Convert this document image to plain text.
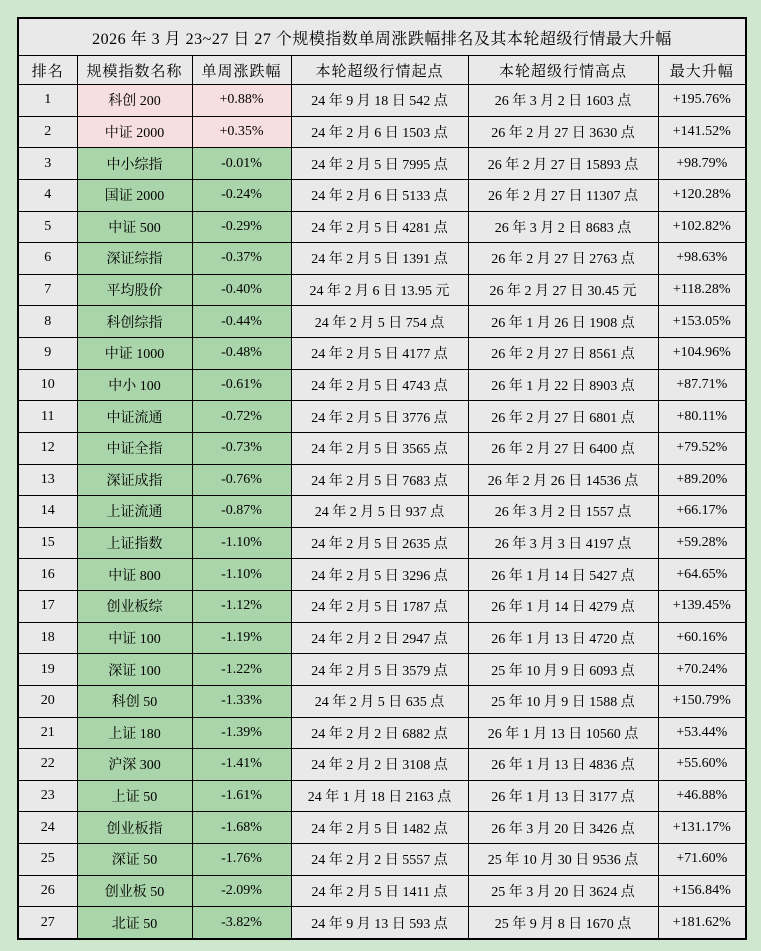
2026 年 3 月 23~27 日 27 个规模指数单周涨跌幅排名及其本轮超级行情最大升幅					
排名	规模指数名称	单周涨跌幅	本轮超级行情起点	本轮超级行情高点	最大升幅
1	科创 200	+0.88%	24 年 9 月 18 日 542 点	26 年 3 月 2 日 1603 点	+195.76%
2	中证 2000	+0.35%	24 年 2 月 6 日 1503 点	26 年 2 月 27 日 3630 点	+141.52%
3	中小综指	-0.01%	24 年 2 月 5 日 7995 点	26 年 2 月 27 日 15893 点	+98.79%
4	国证 2000	-0.24%	24 年 2 月 6 日 5133 点	26 年 2 月 27 日 11307 点	+120.28%
5	中证 500	-0.29%	24 年 2 月 5 日 4281 点	26 年 3 月 2 日 8683 点	+102.82%
6	深证综指	-0.37%	24 年 2 月 5 日 1391 点	26 年 2 月 27 日 2763 点	+98.63%
7	平均股价	-0.40%	24 年 2 月 6 日 13.95 元	26 年 2 月 27 日 30.45 元	+118.28%
8	科创综指	-0.44%	24 年 2 月 5 日 754 点	26 年 1 月 26 日 1908 点	+153.05%
9	中证 1000	-0.48%	24 年 2 月 5 日 4177 点	26 年 2 月 27 日 8561 点	+104.96%
10	中小 100	-0.61%	24 年 2 月 5 日 4743 点	26 年 1 月 22 日 8903 点	+87.71%
11	中证流通	-0.72%	24 年 2 月 5 日 3776 点	26 年 2 月 27 日 6801 点	+80.11%
12	中证全指	-0.73%	24 年 2 月 5 日 3565 点	26 年 2 月 27 日 6400 点	+79.52%
13	深证成指	-0.76%	24 年 2 月 5 日 7683 点	26 年 2 月 26 日 14536 点	+89.20%
14	上证流通	-0.87%	24 年 2 月 5 日 937 点	26 年 3 月 2 日 1557 点	+66.17%
15	上证指数	-1.10%	24 年 2 月 5 日 2635 点	26 年 3 月 3 日 4197 点	+59.28%
16	中证 800	-1.10%	24 年 2 月 5 日 3296 点	26 年 1 月 14 日 5427 点	+64.65%
17	创业板综	-1.12%	24 年 2 月 5 日 1787 点	26 年 1 月 14 日 4279 点	+139.45%
18	中证 100	-1.19%	24 年 2 月 2 日 2947 点	26 年 1 月 13 日 4720 点	+60.16%
19	深证 100	-1.22%	24 年 2 月 5 日 3579 点	25 年 10 月 9 日 6093 点	+70.24%
20	科创 50	-1.33%	24 年 2 月 5 日 635 点	25 年 10 月 9 日 1588 点	+150.79%
21	上证 180	-1.39%	24 年 2 月 2 日 6882 点	26 年 1 月 13 日 10560 点	+53.44%
22	沪深 300	-1.41%	24 年 2 月 2 日 3108 点	26 年 1 月 13 日 4836 点	+55.60%
23	上证 50	-1.61%	24 年 1 月 18 日 2163 点	26 年 1 月 13 日 3177 点	+46.88%
24	创业板指	-1.68%	24 年 2 月 5 日 1482 点	26 年 3 月 20 日 3426 点	+131.17%
25	深证 50	-1.76%	24 年 2 月 2 日 5557 点	25 年 10 月 30 日 9536 点	+71.60%
26	创业板 50	-2.09%	24 年 2 月 5 日 1411 点	25 年 3 月 20 日 3624 点	+156.84%
27	北证 50	-3.82%	24 年 9 月 13 日 593 点	25 年 9 月 8 日 1670 点	+181.62%
